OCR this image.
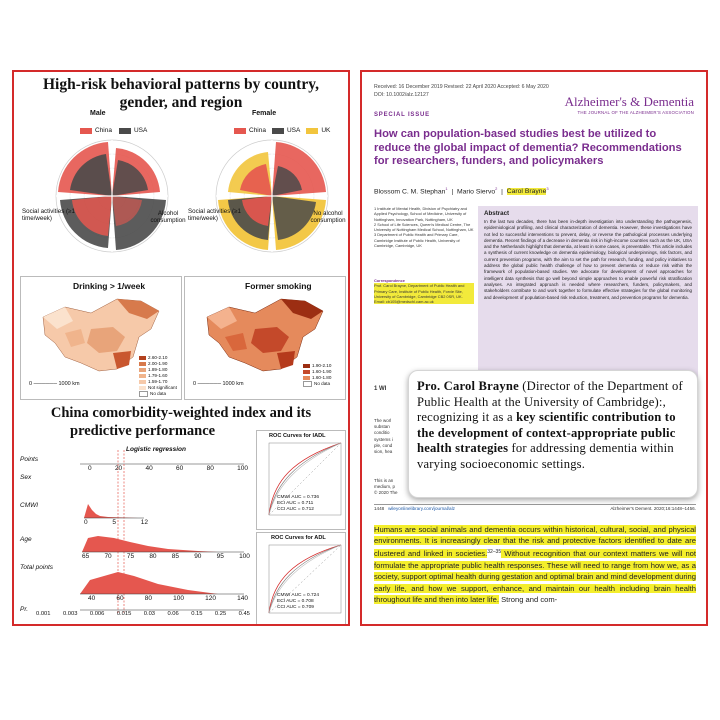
High-risk behavioral patterns by country,
gender, and region
Male
China	USA
Social activities (≥1 time/week)
Alcohol consumption
Female
China	USA	UK
Social activities (≥1 time/week)
No alcohol consumption
Drinking > 1/week
2.60-2.10
2.00-1.90
1.89-1.80
1.79-1.60
1.59-1.70
Not significant
No data
0 ────── 1000 km
Former smoking
1.90-2.10
1.60-1.90
1.60-1.80
No data
0 ────── 1000 km
China comorbidity-weighted index and its
predictive performance
Logistic regression
Points
Sex
CMWI
Age
Total points
Pr.
0	20	40	60	80	100
0	5	12
65 70 75 80 85 90 95 100
40	60	80	100	120	140
0.001 0.003 0.006 0.015 0.03 0.06 0.15 0.25 0.45
ROC Curves for IADL
CMWI AUC = 0.736
ECI AUC = 0.711
CCI AUC = 0.712
ROC Curves for ADL
CMWI AUC = 0.724
ECI AUC = 0.708
CCI AUC = 0.709
Received: 16 December 2019 Revised: 22 April 2020 Accepted: 6 May 2020
DOI: 10.1002/alz.12127	Alzheimer's & Dementia
THE JOURNAL OF THE ALZHEIMER'S ASSOCIATION
SPECIAL ISSUE
How can population-based studies best be utilized to reduce the global impact of dementia? Recommendations for researchers, funders, and policymakers
Blossom C. M. Stephan$^1$  |  Mario Siervo$^2$  |  Carol Brayne$^3$
1 Institute of Mental Health, Division of Psychiatry and Applied Psychology, School of Medicine, University of Nottingham, Innovation Park, Nottingham, UK
2 School of Life Sciences, Queen's Medical Centre, The University of Nottingham Medical School, Nottingham, UK
3 Department of Public Health and Primary Care, Cambridge Institute of Public Health, University of Cambridge, Cambridge, UK
Correspondence
Prof. Carol Brayne, Department of Public Health and Primary Care, Institute of Public Health, Forvie Site, University of Cambridge, Cambridge CB2 0SR, UK. Email: cb105@medschl.cam.ac.uk
Abstract
In the last two decades, there has been in-depth investigation into understanding the pathogenesis, epidemiological profiling, and clinical characterization of dementia. However, these investigations have not led to successful interventions to prevent, delay, or reverse the pathological processes underlying dementia. Recent findings of a decrease in dementia risk in high-income countries such as the UK, USA and the Netherlands highlight that dementia, at least in some cases, is preventable. This article includes a synthesis of current knowledge on dementia epidemiology, biological underpinnings, risk factors, and current prevention programs, with the aim to set the path for research, funding, and policy initiatives to address the global public health challenge of how to prevent dementia or reduce risk within the framework of population-based studies. We advocate for development of novel approaches for intelligent data synthesis that go well beyond simple approaches to enable powerful risk stratification analyses. An integrated approach is needed where researchers, funders, policymakers, and stakeholders contribute to and work together to formulate effective strategies for the global monitoring and development of population-based risk reduction, treatment, and prevention programs for dementia.
1 WI
The worl
substan
conditio
systems i
ple, cond
sion, hea
This is an
medium, p
© 2020 The

Pro. Carol Brayne (Director of the Department of Public Health at the University of Cambridge):, recognizing it as a key scientific contribution to the development of context-appropriate public health strategies for addressing dementia within varying socioeconomic settings.

1448 wileyonlinelibrary.com/journal/alz	Alzheimer's Dement. 2020;16:1448–1456.
Humans are social animals and dementia occurs within historical, cultural, social, and physical environments. It is increasingly clear that the risk and protective factors identified to date are clustered and linked in societies.$^{32-35}$ Without recognition that our context matters we will not formulate the appropriate public health responses. These will need to range from how we, as a society, support optimal health during gestation and optimal brain and mind development during early life, and how we support, enhance, and maintain our health including brain health throughout life and then into later life. Strong and com-
